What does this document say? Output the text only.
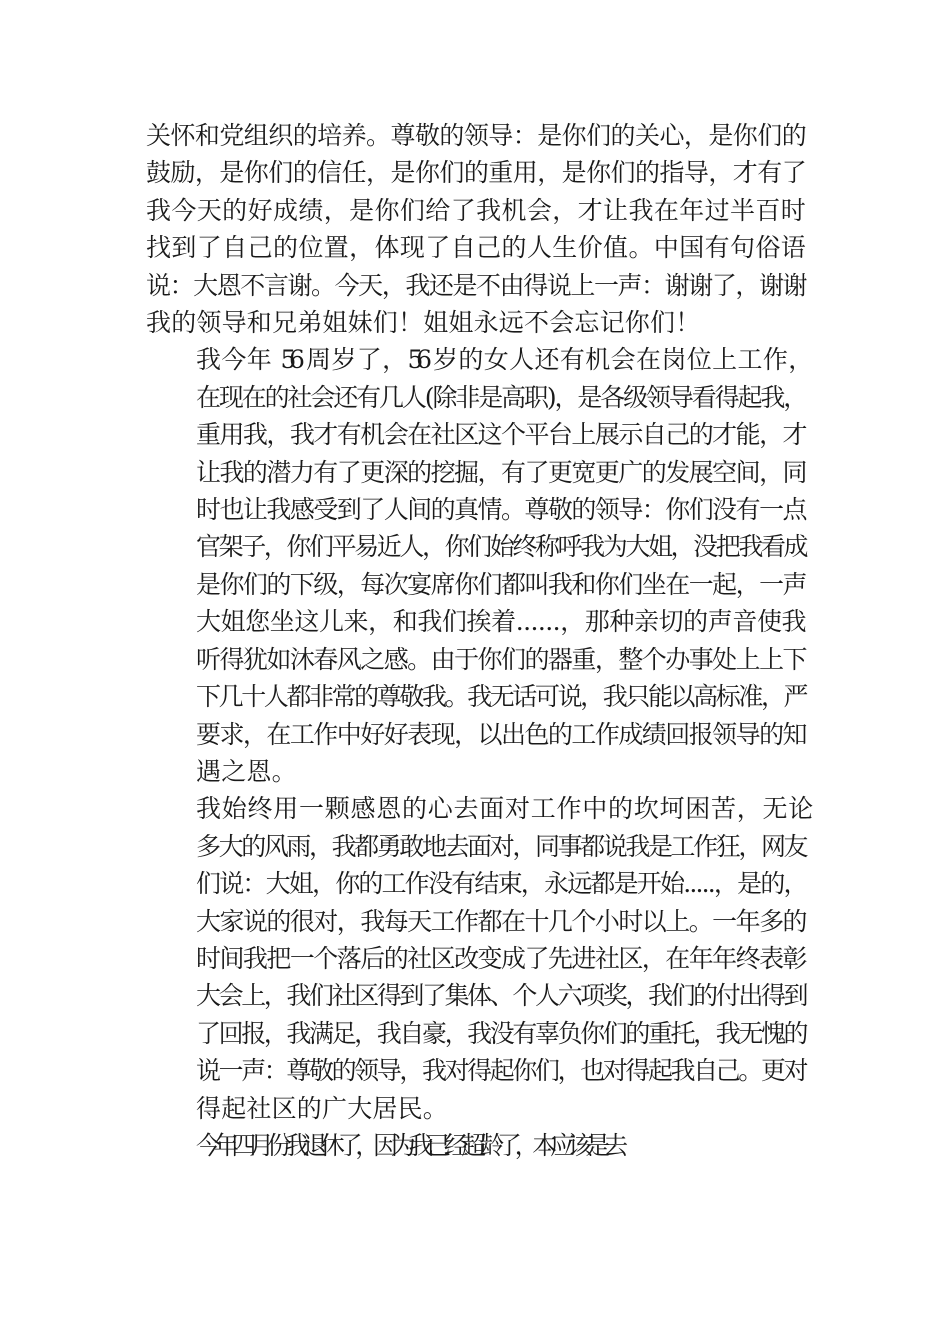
关怀和党组织的培养。尊敬的领导：是你们的关心，是你们的
鼓励，是你们的信任，是你们的重用，是你们的指导，才有了
我今天的好成绩，是你们给了我机会，才让我在年过半百时
找到了自己的位置，体现了自己的人生价值。中国有句俗语
说：大恩不言谢。今天，我还是不由得说上一声：谢谢了，谢谢
我的领导和兄弟姐妹们！姐姐永远不会忘记你们！
我今年 56 周岁了，56 岁的女人还有机会在岗位上工作，
在现在的社会还有几人(除非是高职)，是各级领导看得起我，
重用我，我才有机会在社区这个平台上展示自己的才能，才
让我的潜力有了更深的挖掘，有了更宽更广的发展空间，同
时也让我感受到了人间的真情。尊敬的领导：你们没有一点
官架子，你们平易近人，你们始终称呼我为大姐，没把我看成
是你们的下级，每次宴席你们都叫我和你们坐在一起，一声
大姐您坐这儿来，和我们挨着......，那种亲切的声音使我
听得犹如沐春风之感。由于你们的器重，整个办事处上上下
下几十人都非常的尊敬我。我无话可说，我只能以高标准，严
要求，在工作中好好表现，以出色的工作成绩回报领导的知
遇之恩。
我始终用一颗感恩的心去面对工作中的坎坷困苦，无论
多大的风雨，我都勇敢地去面对，同事都说我是工作狂，网友
们说：大姐，你的工作没有结束，永远都是开始.....，是的，
大家说的很对，我每天工作都在十几个小时以上。一年多的
时间我把一个落后的社区改变成了先进社区，在年年终表彰
大会上，我们社区得到了集体、个人六项奖，我们的付出得到
了回报，我满足，我自豪，我没有辜负你们的重托，我无愧的
说一声：尊敬的领导，我对得起你们，也对得起我自己。更对
得起社区的广大居民。
今年四月份我退休了，因为我已经超龄了，本应该是去
